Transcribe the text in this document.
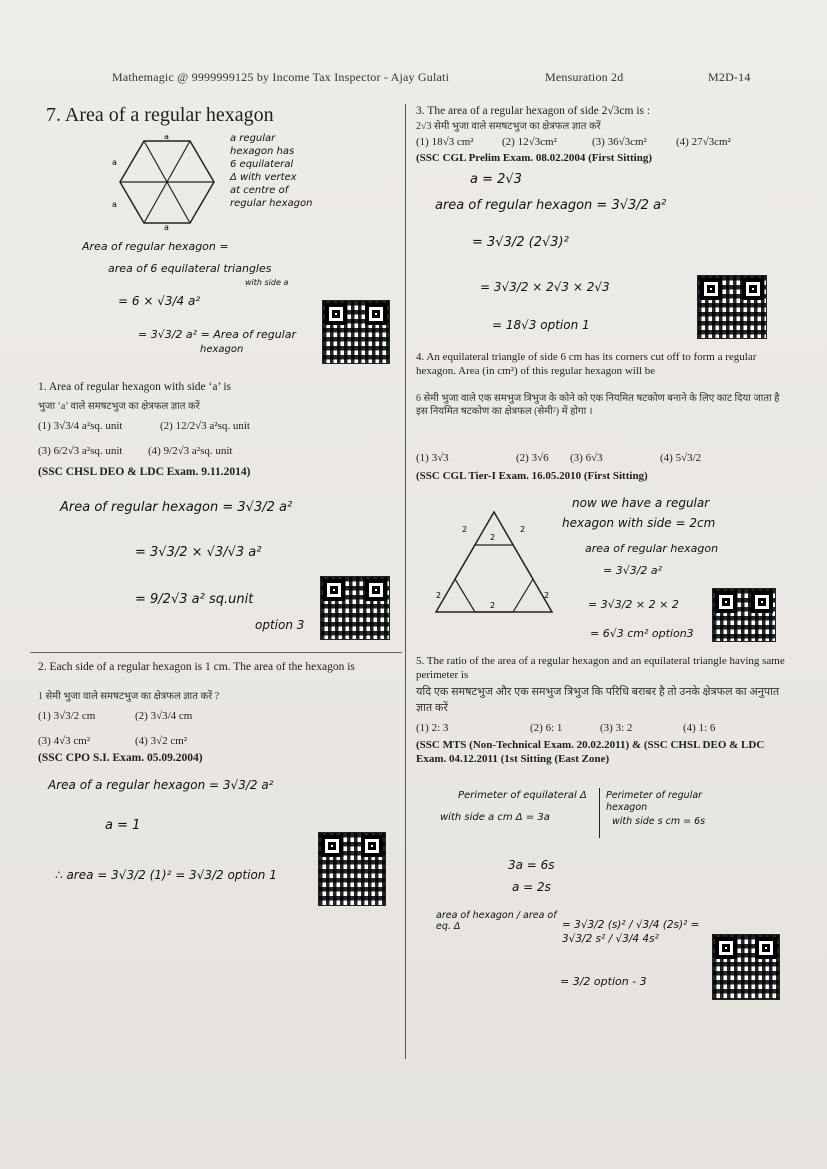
Mathemagic @ 9999999125 by Income Tax Inspector - Ajay Gulati	Mensuration 2d	M2D-14
7. Area of a regular hexagon
a
a
a
a
a regular
hexagon has
6 equilateral
Δ with vertex
at centre of
regular hexagon
Area of regular hexagon =
area of 6 equilateral triangles
with side a
= 6 × √3/4 a²
= 3√3/2 a² = Area of regular
hexagon
1. Area of regular hexagon with side ‘a’ is
भुजा ‘a’ वाले समषटभुज का क्षेत्रफल ज्ञात करें
(1) 3√3/4 a²sq. unit	(2) 12/2√3 a²sq. unit
(3) 6/2√3 a²sq. unit (4) 9/2√3 a²sq. unit
(SSC CHSL DEO & LDC Exam. 9.11.2014)
Area of regular hexagon = 3√3/2 a²
= 3√3/2 × √3/√3 a²
= 9/2√3 a² sq.unit
option 3
2. Each side of a regular hexagon is 1 cm. The area of the hexagon is
1 सेमी भुजा वाले समषटभुज का क्षेत्रफल ज्ञात करें ?
(1) 3√3/2 cm	(2) 3√3/4 cm
(3) 4√3 cm²	(4) 3√2 cm²
(SSC CPO S.I. Exam. 05.09.2004)
Area of a regular hexagon = 3√3/2 a²
a = 1
∴ area = 3√3/2 (1)² = 3√3/2 option 1
3. The area of a regular hexagon of side 2√3cm is :
2√3 सेमी भुजा वाले समषटभुज का क्षेत्रफल ज्ञात करें
(1) 18√3 cm²	(2) 12√3cm²	(3) 36√3cm²	(4) 27√3cm²
(SSC CGL Prelim Exam. 08.02.2004 (First Sitting)
a = 2√3
area of regular hexagon = 3√3/2 a²
= 3√3/2 (2√3)²
= 3√3/2 × 2√3 × 2√3
= 18√3 option 1
4. An equilateral triangle of side 6 cm has its corners cut off to form a regular hexagon. Area (in cm²) of this regular hexagon will be
6 सेमी भुजा वाले एक समभुज त्रिभुज के कोने को एक नियमित षटकोण बनाने के लिए काट दिया जाता है इस नियमित षटकोण का क्षेत्रफल (सेमी²) में होगा ।
(1) 3√3	(2) 3√6 (3) 6√3	(4) 5√3/2
(SSC CGL Tier-I Exam. 16.05.2010 (First Sitting)
2	2
2
2	2
2
now we have a regular
hexagon with side = 2cm
area of regular hexagon
= 3√3/2 a²
= 3√3/2 × 2 × 2
= 6√3 cm² option3
5. The ratio of the area of a regular hexagon and an equilateral triangle having same perimeter is
यदि एक समषटभुज और एक समभुज त्रिभुज कि परिधि बराबर है तो उनके क्षेत्रफल का अनुपात ज्ञात करें
(1) 2: 3	(2) 6: 1	(3) 3: 2	(4) 1: 6
(SSC MTS (Non-Technical Exam. 20.02.2011) & (SSC CHSL DEO & LDC Exam. 04.12.2011 (1st Sitting (East Zone)
Perimeter of equilateral Δ
with side a cm Δ = 3a
Perimeter of regular hexagon
with side s cm = 6s
3a = 6s
a = 2s
area of hexagon / area of eq. Δ	= 3√3/2 (s)² / √3/4 (2s)² = 3√3/2 s² / √3/4 4s²
= 3/2 option - 3
